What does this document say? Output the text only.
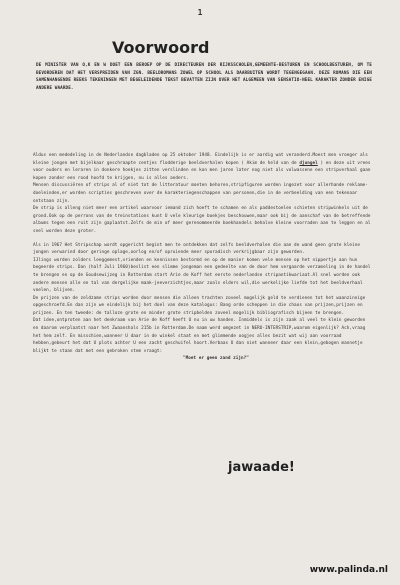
1
Voorwoord
DE MINISTER VAN O,K EN W DOET EEN BEROEP OP DE DIRECTEUREN DER RIJKSSCHOLEN,GEMEENTE-BESTUREN EN SCHOOLBESTUREN, OM TE BEVORDEREN DAT HET VERSPREIDEN VAN ZGN. BEELDROMANS ZOWEL OP SCHOOL ALS DAARBUITEN WORDT TEGENGEGAAN. DEZE ROMANS DIE EEN SAMENHANGENDE REEKS TEKENINGEN MET BEGELEIDENDE TEKST BEVATTEN ZIJN OVER HET ALGEMEEN VAN SENSATIO-NEEL KARAKTER ZONDER ENIGE ANDERE WAARDE.

Aldus een mededeling in de Nederlandse dagbladen op 25 oktober 1948. Eindelijk is er aardig wat veranderd.Moest men vroeger als kleine jongen met bijelkaar geschraapte centjes flodderige beeldverhalen kopen ( Akim de held van de djungel ) en deze uit vrees voor ouders en leraren in donkere hoekjes zitten verslinden en kon men jaren later nog niet als volwassene een stripverhaal gaan kopen zonder een rood hoofd te krijgen, nu is alles anders.

Mensen discussiëren of strips al of niet tot de litteratuur moeten behoren,stripfiguren worden ingezet voor allerhande reklame-doeleinden,er worden scripties geschreven over de karakteriegenschappen van personen,die in de verbeelding van een tekenaar ontstaan zijn.

De strip is alleng niet meer een artikel waarvoor iemand zich hoeft te schamen en als paddestoelen schieten stripwinkels uit de grond.Ook op de perrons van de treinstations kunt U vele kleurige boekjes beschouwen,maar ook bij de aanschaf van de betreffende albums tegen een ruit zijn gaplaatst.Zelfs de min of meer gerenommeerde boekhandels behalve kleine voorraden aan te leggen en al snel worden deze groter.

Als in 1967 Het Stripschap wordt opgericht begint men te ontdekken dat zelfs beeldverhalen die aan de wand geen grote kleine jongen verwarind door geringe oplage,oorlog en/of opruiende meer sporadisch verkrijgbaar zijn geworden.

IJlings worden zolders leeggemest,vrienden en kennissen bestormd en op de manier komen vele mensen op het nippertje aan hun begeerde strips. Dan (half Juli 1960)beslist een slimme jongeman een gedeelte van de door hem vergaarde verzameling in de handel te brengen en op de Goudsewijzeg in Rotterdam start Arie de Koff het eerste nederlandse stripantikwariaat.Al snel worden ook andere mensen alle en tal van dergelijke maak-jeeverzichtjes,maar zoals elders wil,die werkelijke liefde tot het beeldverhaal voelen, blijven.

De prijzen van de zeldzame strips worden door mensen die alleen trachten zoveel mogelijk geld te verdienen tot het waanzinnige opgeschroefd.En dan zijn we eindelijk bij het doel van deze katalogus: Bang orde scheppen in die chaos van prijzen,prijzen en prijzen. En ten tweede: de talloze grote en minder grote stripbelden zoveel mogelijk bibliografisch bijeen te brengen.

Dat idee,ontproten aan het denkraam van Arie de Koff heeft U nu in uw handen. Inmiddels is zijn zaak al veel te klein geworden en daarom verplaatst naar het Zwaanshals 215b in Rotterdam.De naam werd omgezet in NERO-INTERSTRIP,waarom eigenlijk? Ach,vraag het hem zelf. En misschien,wanneer U daar in de winkel staat en met glimmende oogjes alles bezit wat wij aan voorraad hebben,gebeurt het dat U plots achter U een zacht geschuifel hoort.Verbaas U dan niet wanneer daar een klein,gebogen mannetje blijkt te staan dat met een gebroken stem vraagt:

"Moet er geen zand zijn?"

jawaade!
www.palinda.nl
